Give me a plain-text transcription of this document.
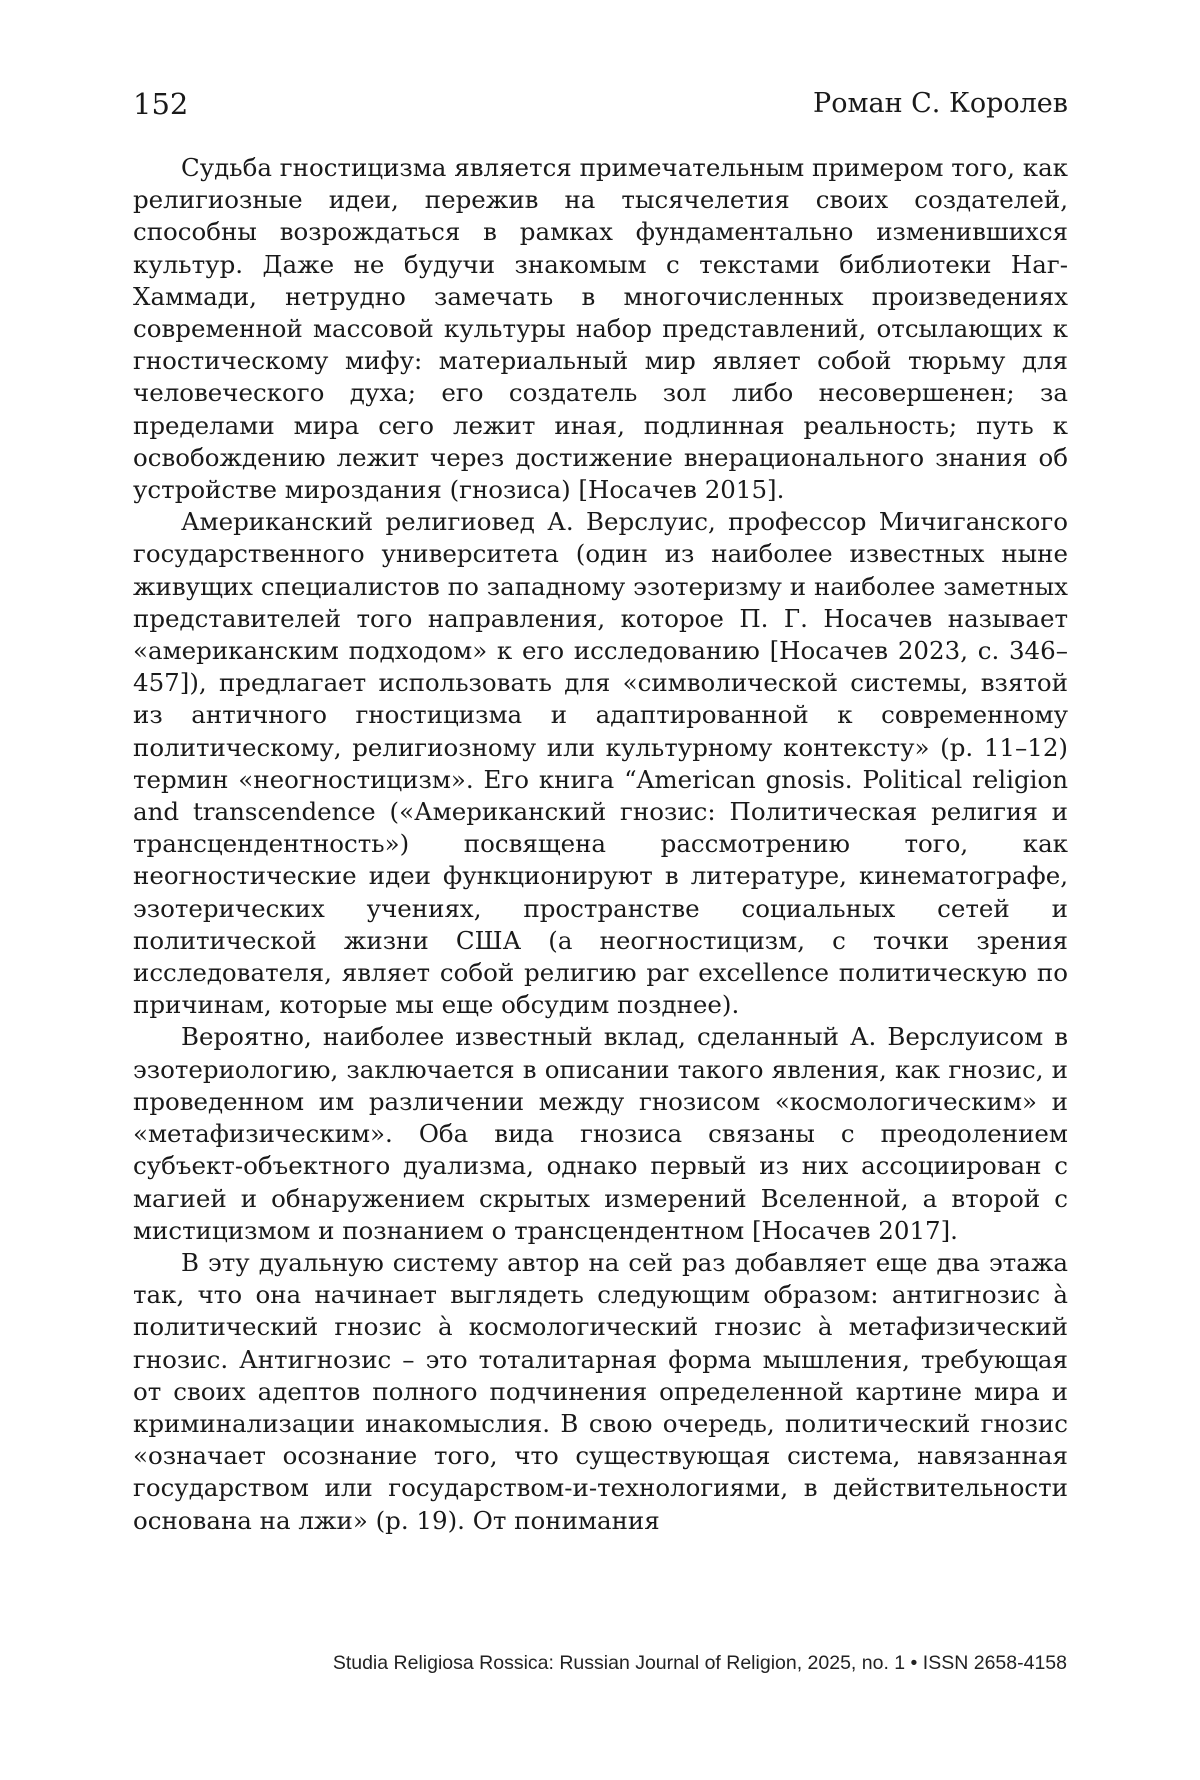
152	Роман С. Королев

Судьба гностицизма является примечательным примером того, как религиозные идеи, пережив на тысячелетия своих создателей, способны возрождаться в рамках фундаментально изменившихся культур. Даже не будучи знакомым с текстами библиотеки Наг-Хаммади, нетрудно замечать в многочисленных произведениях современной массовой культуры набор представлений, отсылающих к гностическому мифу: материальный мир являет собой тюрьму для человеческого духа; его создатель зол либо несовершенен; за пределами мира сего лежит иная, подлинная реальность; путь к освобождению лежит через достижение внерационального знания об устройстве мироздания (гнозиса) [Носачев 2015].

Американский религиовед А. Верслуис, профессор Мичиганского государственного университета (один из наиболее известных ныне живущих специалистов по западному эзотеризму и наиболее заметных представителей того направления, которое П. Г. Носачев называет «американским подходом» к его исследованию [Носачев 2023, с. 346–457]), предлагает использовать для «символической системы, взятой из античного гностицизма и адаптированной к современному политическому, религиозному или культурному контексту» (p. 11–12) термин «неогностицизм». Его книга “American gnosis. Political religion and transcendence («Американский гнозис: Политическая религия и трансцендентность») посвящена рассмотрению того, как неогностические идеи функционируют в литературе, кинематографе, эзотерических учениях, пространстве социальных сетей и политической жизни США (а неогностицизм, с точки зрения исследователя, являет собой религию par excellence политическую по причинам, которые мы еще обсудим позднее).

Вероятно, наиболее известный вклад, сделанный А. Верслуисом в эзотериологию, заключается в описании такого явления, как гнозис, и проведенном им различении между гнозисом «космологическим» и «метафизическим». Оба вида гнозиса связаны с преодолением субъект-объектного дуализма, однако первый из них ассоциирован с магией и обнаружением скрытых измерений Вселенной, а второй с мистицизмом и познанием о трансцендентном [Носачев 2017].

В эту дуальную систему автор на сей раз добавляет еще два этажа так, что она начинает выглядеть следующим образом: антигнозис à политический гнозис à космологический гнозис à метафизический гнозис. Антигнозис – это тоталитарная форма мышления, требующая от своих адептов полного подчинения определенной картине мира и криминализации инакомыслия. В свою очередь, политический гнозис «означает осознание того, что существующая система, навязанная государством или государством-и-технологиями, в действительности основана на лжи» (p. 19). От понимания

Studia Religiosa Rossica: Russian Journal of Religion, 2025, no. 1 • ISSN 2658-4158
